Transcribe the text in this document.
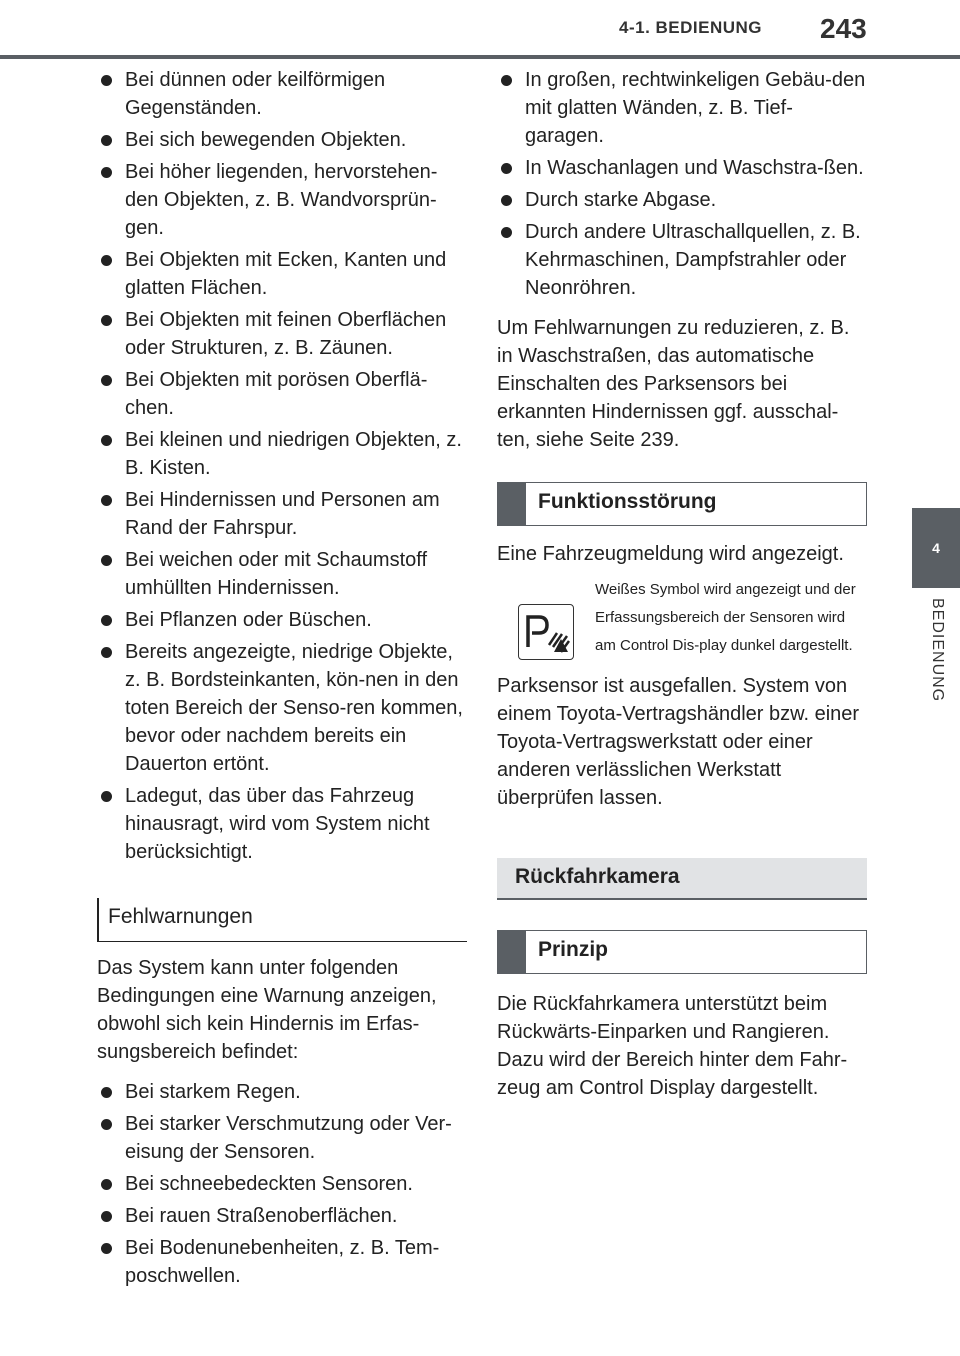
4-1. BEDIENUNG 243
4
BEDIENUNG
Bei dünnen oder keilförmigen Gegenständen.
Bei sich bewegenden Objekten.
Bei höher liegenden, hervorstehen-den Objekten, z. B. Wandvorsprün-gen.
Bei Objekten mit Ecken, Kanten und glatten Flächen.
Bei Objekten mit feinen Oberflächen oder Strukturen, z. B. Zäunen.
Bei Objekten mit porösen Oberflä-chen.
Bei kleinen und niedrigen Objekten, z. B. Kisten.
Bei Hindernissen und Personen am Rand der Fahrspur.
Bei weichen oder mit Schaumstoff umhüllten Hindernissen.
Bei Pflanzen oder Büschen.
Bereits angezeigte, niedrige Objekte, z. B. Bordsteinkanten, kön-nen in den toten Bereich der Senso-ren kommen, bevor oder nachdem bereits ein Dauerton ertönt.
Ladegut, das über das Fahrzeug hinausragt, wird vom System nicht berücksichtigt.
Fehlwarnungen

Das System kann unter folgenden Bedingungen eine Warnung anzeigen, obwohl sich kein Hindernis im Erfas-sungsbereich befindet:

Bei starkem Regen.
Bei starker Verschmutzung oder Ver-eisung der Sensoren.
Bei schneebedeckten Sensoren.
Bei rauen Straßenoberflächen.
Bei Bodenunebenheiten, z. B. Tem-poschwellen.
In großen, rechtwinkeligen Gebäu-den mit glatten Wänden, z. B. Tief-garagen.
In Waschanlagen und Waschstra-ßen.
Durch starke Abgase.
Durch andere Ultraschallquellen, z. B. Kehrmaschinen, Dampfstrahler oder Neonröhren.

Um Fehlwarnungen zu reduzieren, z. B. in Waschstraßen, das automatische Einschalten des Parksensors bei erkannten Hindernissen ggf. ausschal-ten, siehe Seite 239.

Funktionsstörung

Eine Fahrzeugmeldung wird angezeigt.

Weißes Symbol wird angezeigt und der Erfassungsbereich der Sensoren wird am Control Dis-play dunkel dargestellt.

Parksensor ist ausgefallen. System von einem Toyota-Vertragshändler bzw. einer Toyota-Vertragswerkstatt oder einer anderen verlässlichen Werkstatt überprüfen lassen.

Rückfahrkamera
Prinzip

Die Rückfahrkamera unterstützt beim Rückwärts-Einparken und Rangieren. Dazu wird der Bereich hinter dem Fahr-zeug am Control Display dargestellt.
